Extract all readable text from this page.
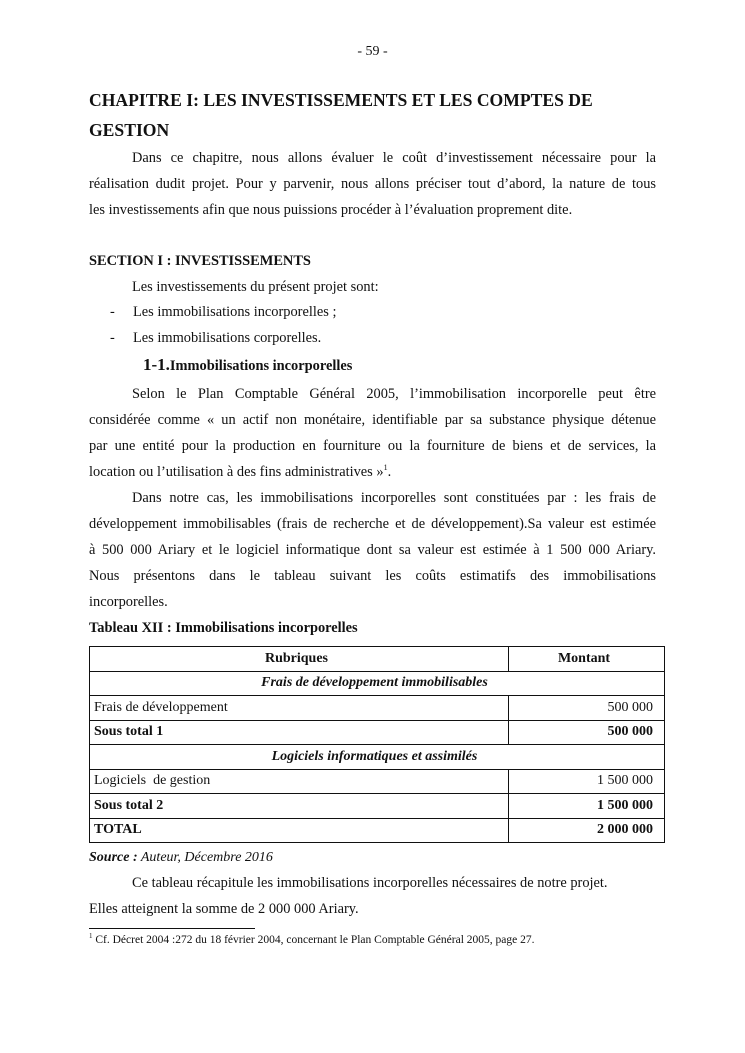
- 59 -
CHAPITRE I: LES INVESTISSEMENTS ET LES COMPTES DE
GESTION
Dans ce chapitre, nous allons évaluer le coût d’investissement nécessaire pour la
réalisation dudit projet. Pour y parvenir, nous allons préciser tout d’abord, la nature de tous
les investissements afin que nous puissions procéder à l’évaluation proprement dite.
SECTION I : INVESTISSEMENTS
Les investissements du présent projet sont:
- Les immobilisations incorporelles ;
- Les immobilisations corporelles.
1-1.Immobilisations incorporelles
Selon le Plan Comptable Général 2005, l’immobilisation incorporelle peut être
considérée comme « un actif non monétaire, identifiable par sa substance physique détenue
par une entité pour la production en fourniture ou la fourniture de biens et de services, la
location ou l’utilisation à des fins administratives »$^1$.
Dans notre cas, les immobilisations incorporelles sont constituées par : les frais de
développement immobilisables (frais de recherche et de développement).Sa valeur est estimée
à 500 000 Ariary et le logiciel informatique dont sa valeur est estimée à 1 500 000 Ariary.
Nous présentons dans le tableau suivant les coûts estimatifs des immobilisations
incorporelles.
Tableau XII : Immobilisations incorporelles
Rubriques	Montant
Frais de développement immobilisables	
Frais de développement	500 000
Sous total 1	500 000
Logiciels informatiques et assimilés	
Logiciels  de gestion	1 500 000
Sous total 2	1 500 000
TOTAL	2 000 000
Source : Auteur, Décembre 2016
Ce tableau récapitule les immobilisations incorporelles nécessaires de notre projet.
Elles atteignent la somme de 2 000 000 Ariary.
$^1$ Cf. Décret 2004 :272 du 18 février 2004, concernant le Plan Comptable Général 2005, page 27.
